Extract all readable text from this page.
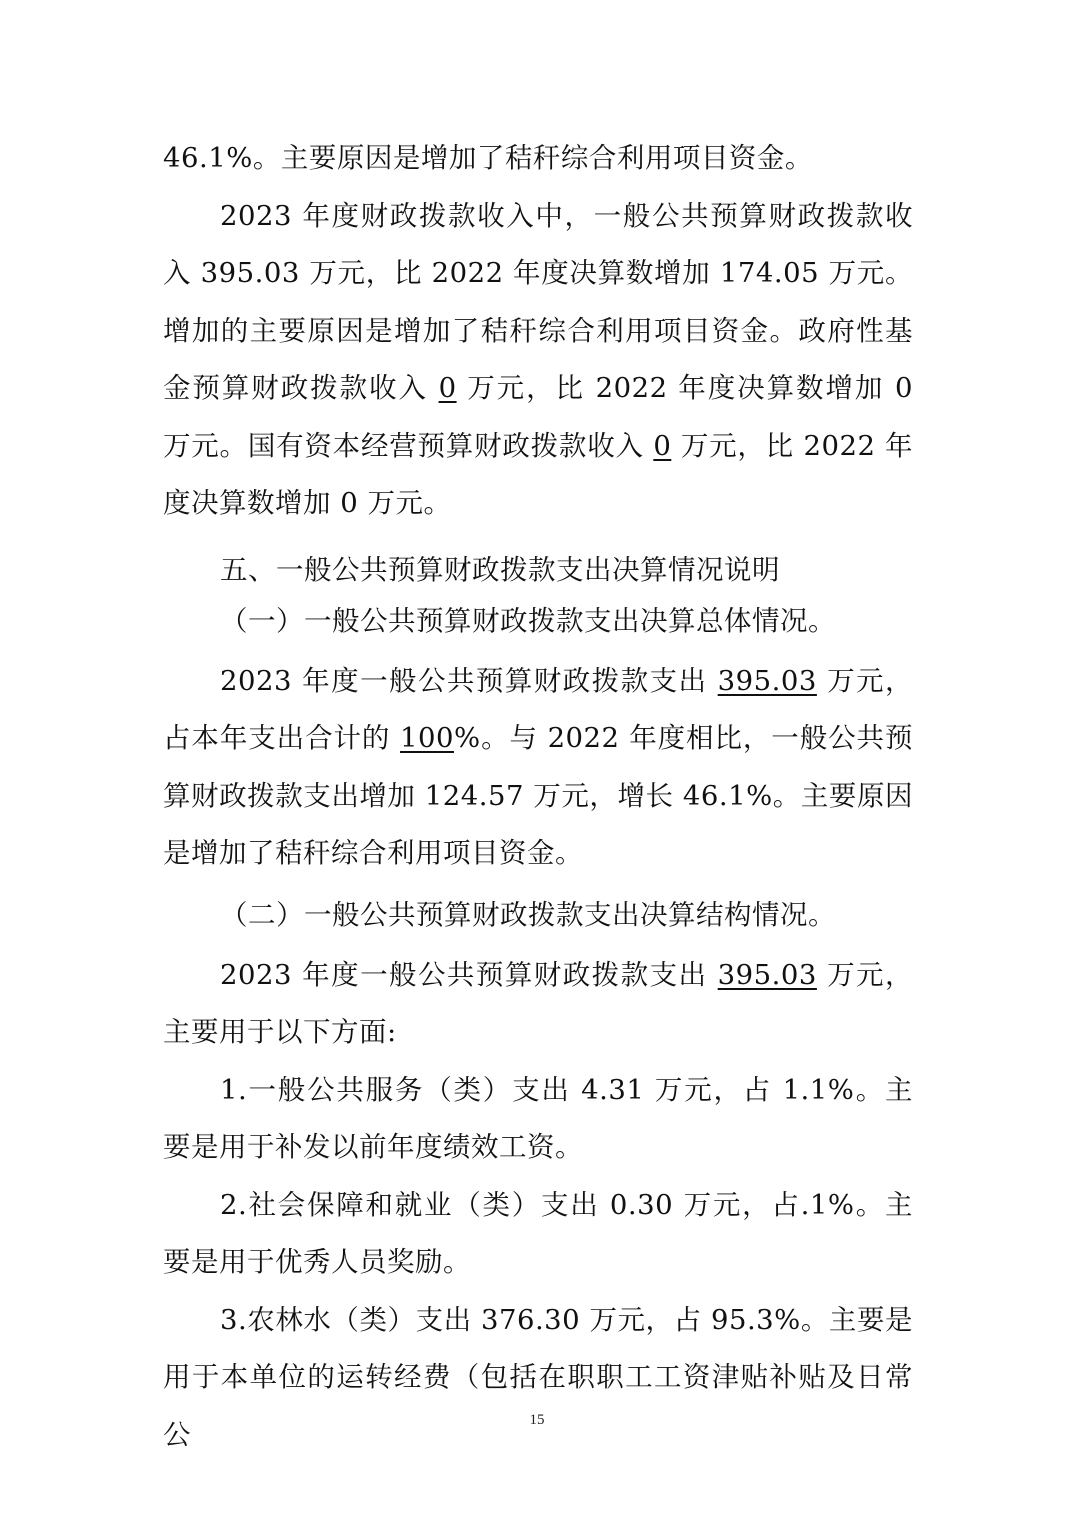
46.1%。主要原因是增加了秸秆综合利用项目资金。

2023 年度财政拨款收入中，一般公共预算财政拨款收入 395.03 万元，比 2022 年度决算数增加 174.05 万元。增加的主要原因是增加了秸秆综合利用项目资金。政府性基金预算财政拨款收入 0 万元，比 2022 年度决算数增加 0 万元。国有资本经营预算财政拨款收入 0 万元，比 2022 年度决算数增加 0 万元。

五、一般公共预算财政拨款支出决算情况说明

（一）一般公共预算财政拨款支出决算总体情况。

2023 年度一般公共预算财政拨款支出 395.03 万元，占本年支出合计的 100%。与 2022 年度相比，一般公共预算财政拨款支出增加 124.57 万元，增长 46.1%。主要原因是增加了秸秆综合利用项目资金。

（二）一般公共预算财政拨款支出决算结构情况。

2023 年度一般公共预算财政拨款支出 395.03 万元，主要用于以下方面:

1.一般公共服务（类）支出 4.31 万元，占 1.1%。主要是用于补发以前年度绩效工资。

2.社会保障和就业（类）支出 0.30 万元，占.1%。主要是用于优秀人员奖励。

3.农林水（类）支出 376.30 万元，占 95.3%。主要是用于本单位的运转经费（包括在职职工工资津贴补贴及日常公	15
